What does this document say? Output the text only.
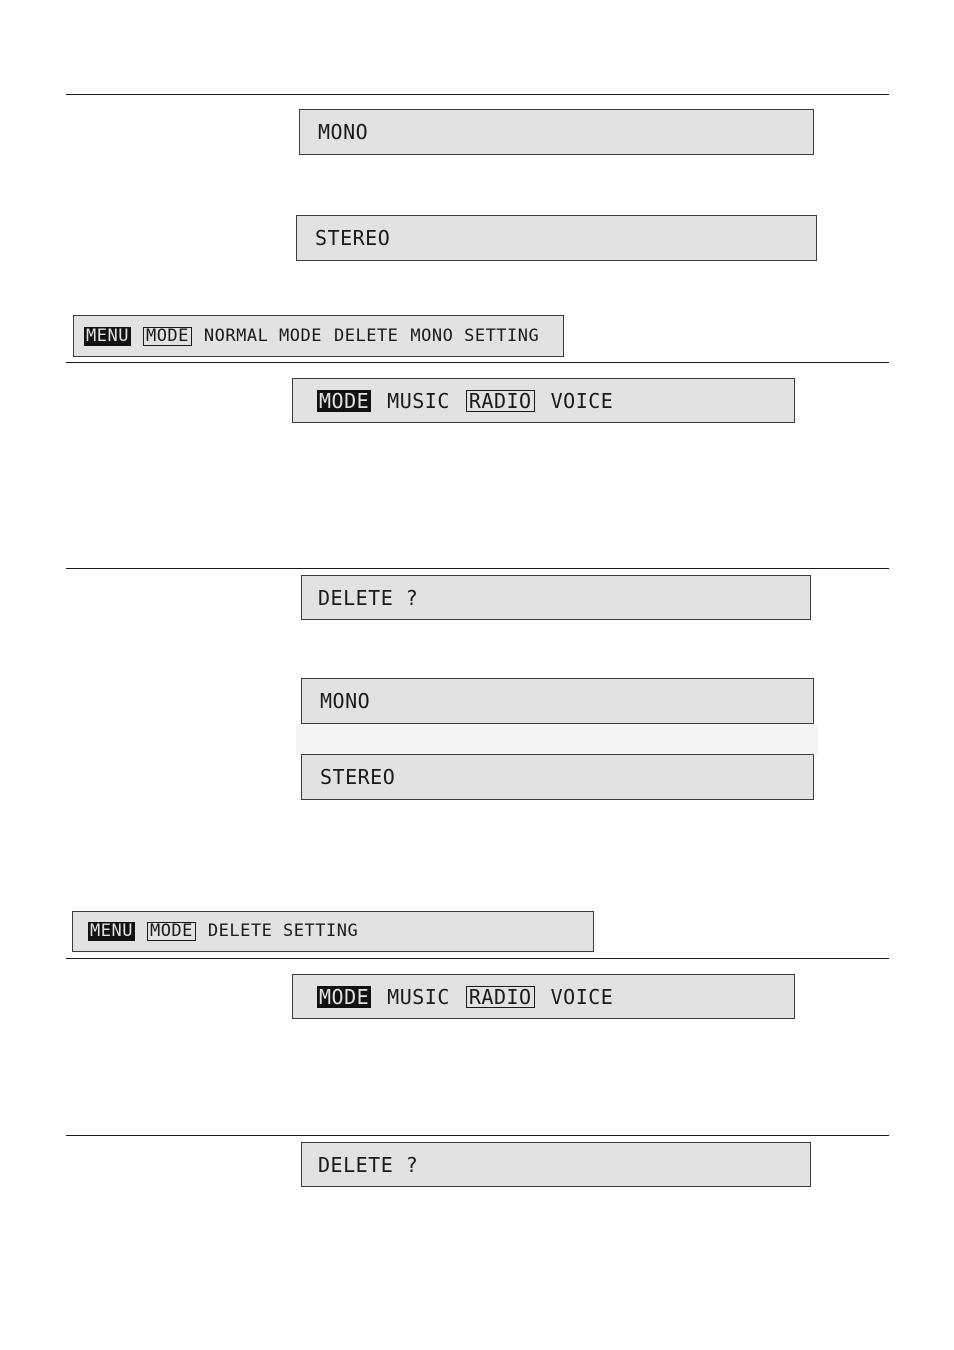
MONO
STEREO
MENU MODE NORMAL MODE DELETE MONO SETTING
MODE MUSIC RADIO VOICE
DELETE ?
MONO
STEREO
MENU MODE DELETE SETTING
MODE MUSIC RADIO VOICE
DELETE ?
